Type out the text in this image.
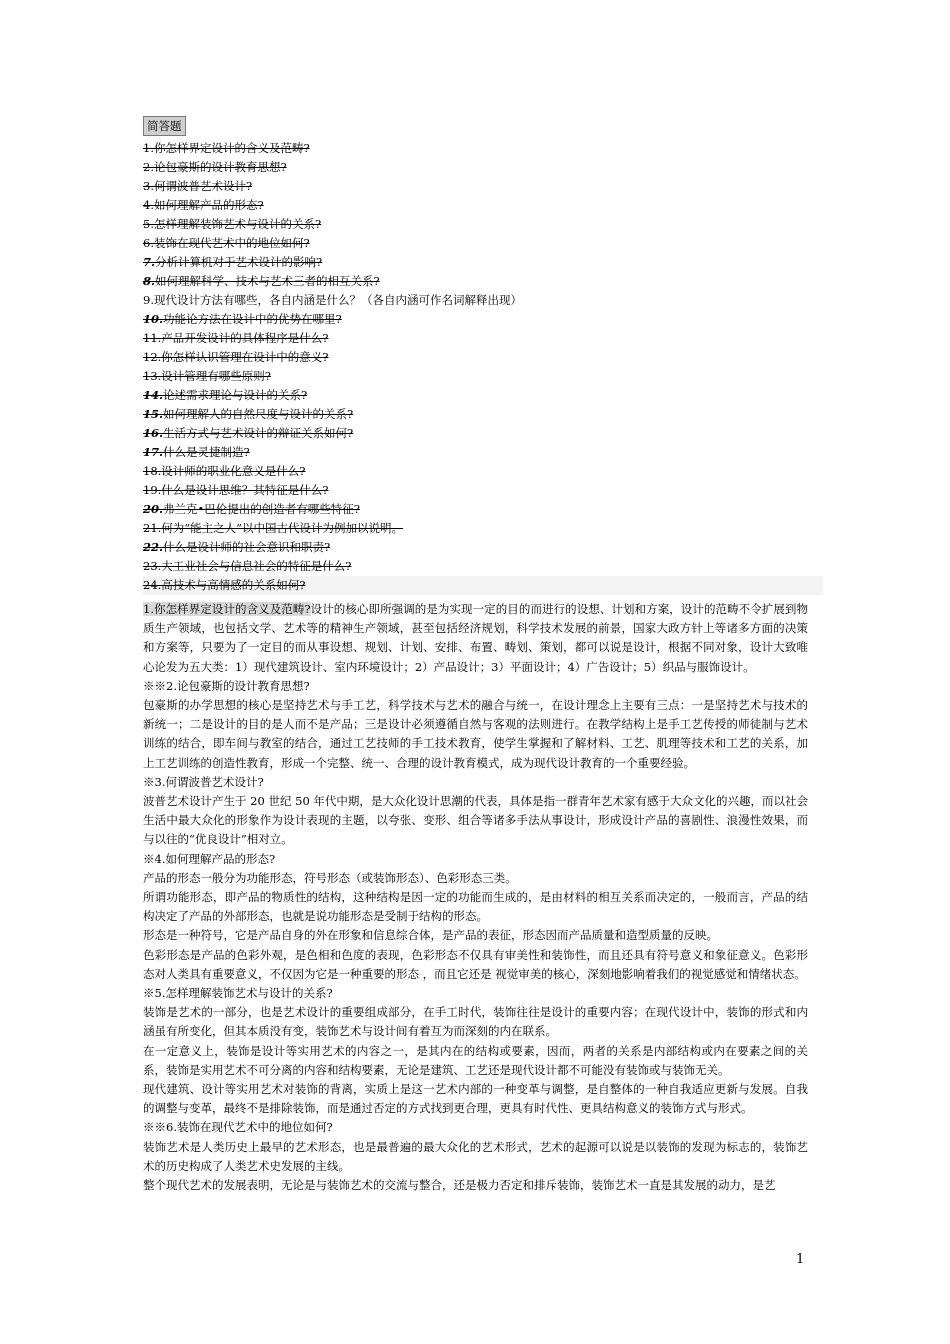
简答题
1.你怎样界定设计的含义及范畴?
2.论包豪斯的设计教育思想?
3.何谓波普艺术设计?
4.如何理解产品的形态?
5.怎样理解装饰艺术与设计的关系?
6.装饰在现代艺术中的地位如何?
7.分析计算机对于艺术设计的影响?
8.如何理解科学、技术与艺术三者的相互关系?
9.现代设计方法有哪些，各自内涵是什么？（各自内涵可作名词解释出现）
10.功能论方法在设计中的优势在哪里?
11.产品开发设计的具体程序是什么?
12.你怎样认识管理在设计中的意义?
13.设计管理有哪些原则?
14.论述需求理论与设计的关系?
15.如何理解人的自然尺度与设计的关系?
16.生活方式与艺术设计的辩证关系如何?
17.什么是灵捷制造?
18.设计师的职业化意义是什么?
19.什么是设计思维？其特征是什么?
20.弗兰克•巴伦提出的创造者有哪些特征?
21.何为“能主之人”以中国古代设计为例加以说明。
22.什么是设计师的社会意识和职责?
23.大工业社会与信息社会的特征是什么?
24.高技术与高情感的关系如何?

1.你怎样界定设计的含义及范畴?设计的核心即所强调的是为实现一定的目的而进行的设想、计划和方案，设计的范畴不令扩展到物质生产领域，也包括文学、艺术等的精神生产领域，甚至包括经济规划，科学技术发展的前景，国家大政方针上等诸多方面的决策和方案等，只要为了一定目的而从事设想、规划、计划、安排、布置、畴划、策划，都可以说是设计，根据不同对象，设计大致唯心论发为五大类：1）现代建筑设计、室内环境设计；2）产品设计；3）平面设计；4）广告设计；5）织品与服饰设计。

※※2.论包豪斯的设计教育思想?

包豪斯的办学思想的核心是坚持艺术与手工艺，科学技术与艺术的融合与统一，在设计理念上主要有三点：一是坚持艺术与技术的新统一；二是设计的目的是人而不是产品；三是设计必须遵循自然与客观的法则进行。在教学结构上是手工艺传授的师徒制与艺术训练的结合，即车间与教室的结合，通过工艺技师的手工技术教育，使学生掌握和了解材料、工艺、肌理等技术和工艺的关系，加上工艺训练的创造性教育，形成一个完整、统一、合理的设计教育模式，成为现代设计教育的一个重要经验。

※3.何谓波普艺术设计?

波普艺术设计产生于 20 世纪 50 年代中期，是大众化设计思潮的代表，具体是指一群青年艺术家有感于大众文化的兴趣，而以社会生活中最大众化的形象作为设计表现的主题，以夸张、变形、组合等诸多手法从事设计，形成设计产品的喜剧性、浪漫性效果，而与以往的“优良设计”相对立。

※4.如何理解产品的形态?

产品的形态一般分为功能形态，符号形态（或装饰形态）、色彩形态三类。

所谓功能形态，即产品的物质性的结构，这种结构是因一定的功能而生成的，是由材料的相互关系而决定的，一般而言，产品的结构决定了产品的外部形态，也就是说功能形态是受制于结构的形态。

形态是一种符号，它是产品自身的外在形象和信息综合体，是产品的表征，形态因而产品质量和造型质量的反映。

色彩形态是产品的色彩外观，是色相和色度的表现，色彩形态不仅具有审美性和装饰性，而且还具有符号意义和象征意义。色彩形态对人类具有重要意义，不仅因为它是一种重要的形态 ，而且它还是 视觉审美的核心，深刻地影响着我们的视觉感觉和情绪状态。

※5.怎样理解装饰艺术与设计的关系?

装饰是艺术的一部分，也是艺术设计的重要组成部分，在手工时代，装饰往往是设计的重要内容；在现代设计中，装饰的形式和内涵虽有所变化，但其本质没有变，装饰艺术与设计间有着互为而深刻的内在联系。

在一定意义上，装饰是设计等实用艺术的内容之一，是其内在的结构或要素，因而，两者的关系是内部结构或内在要素之间的关系，装饰是实用艺术不可分离的内容和结构要素，无论是建筑、工艺还是现代设计都不可能没有装饰或与装饰无关。

现代建筑、设计等实用艺术对装饰的背离，实质上是这一艺术内部的一种变革与调整，是自整体的一种自我适应更新与发展。自我的调整与变革，最终不是排除装饰，而是通过否定的方式找到更合理，更具有时代性、更具结构意义的装饰方式与形式。

※※6.装饰在现代艺术中的地位如何?

装饰艺术是人类历史上最早的艺术形态，也是最普遍的最大众化的艺术形式，艺术的起源可以说是以装饰的发现为标志的，装饰艺术的历史构成了人类艺术史发展的主线。

整个现代艺术的发展表明，无论是与装饰艺术的交流与整合，还是极力否定和排斥装饰，装饰艺术一直是其发展的动力，是艺

1
